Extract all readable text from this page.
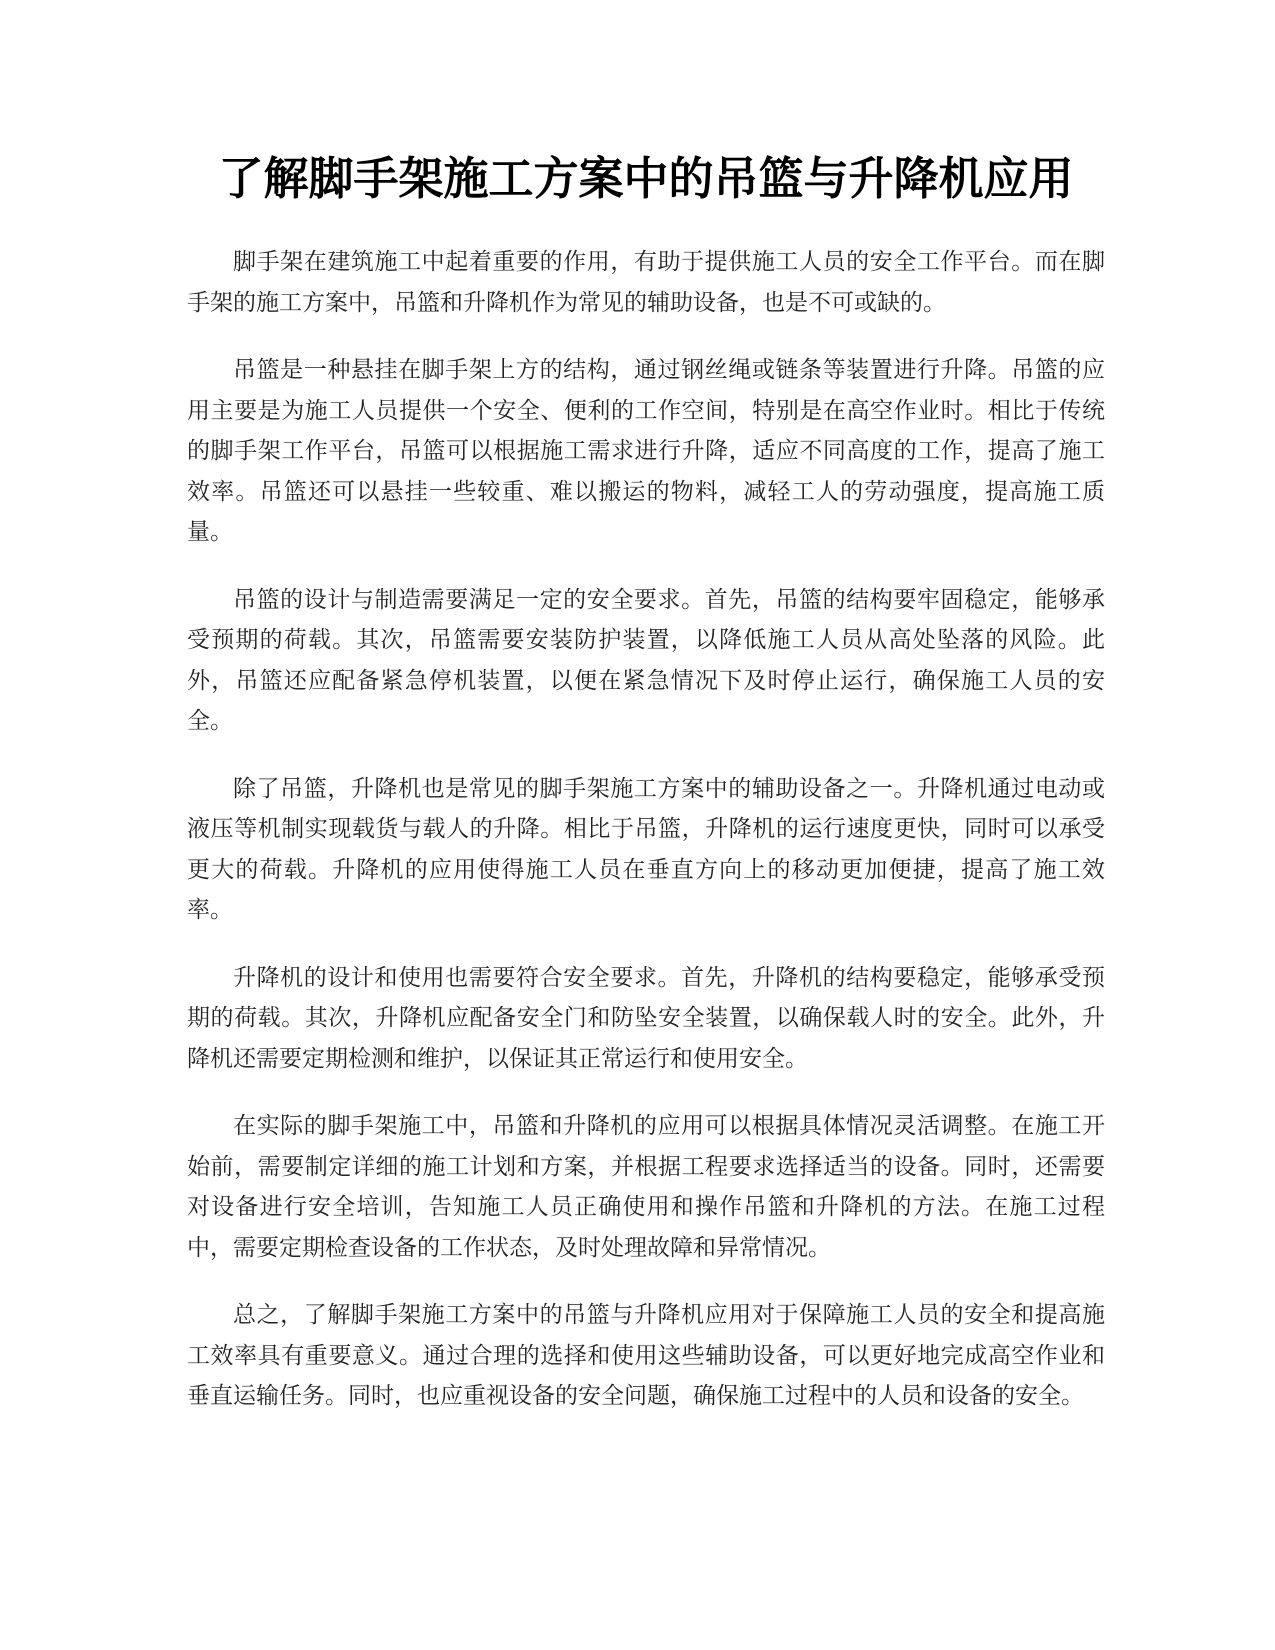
了解脚手架施工方案中的吊篮与升降机应用

脚手架在建筑施工中起着重要的作用，有助于提供施工人员的安全工作平台。而在脚手架的施工方案中，吊篮和升降机作为常见的辅助设备，也是不可或缺的。

吊篮是一种悬挂在脚手架上方的结构，通过钢丝绳或链条等装置进行升降。吊篮的应用主要是为施工人员提供一个安全、便利的工作空间，特别是在高空作业时。相比于传统的脚手架工作平台，吊篮可以根据施工需求进行升降，适应不同高度的工作，提高了施工效率。吊篮还可以悬挂一些较重、难以搬运的物料，减轻工人的劳动强度，提高施工质量。

吊篮的设计与制造需要满足一定的安全要求。首先，吊篮的结构要牢固稳定，能够承受预期的荷载。其次，吊篮需要安装防护装置，以降低施工人员从高处坠落的风险。此外，吊篮还应配备紧急停机装置，以便在紧急情况下及时停止运行，确保施工人员的安全。

除了吊篮，升降机也是常见的脚手架施工方案中的辅助设备之一。升降机通过电动或液压等机制实现载货与载人的升降。相比于吊篮，升降机的运行速度更快，同时可以承受更大的荷载。升降机的应用使得施工人员在垂直方向上的移动更加便捷，提高了施工效率。

升降机的设计和使用也需要符合安全要求。首先，升降机的结构要稳定，能够承受预期的荷载。其次，升降机应配备安全门和防坠安全装置，以确保载人时的安全。此外，升降机还需要定期检测和维护，以保证其正常运行和使用安全。

在实际的脚手架施工中，吊篮和升降机的应用可以根据具体情况灵活调整。在施工开始前，需要制定详细的施工计划和方案，并根据工程要求选择适当的设备。同时，还需要对设备进行安全培训，告知施工人员正确使用和操作吊篮和升降机的方法。在施工过程中，需要定期检查设备的工作状态，及时处理故障和异常情况。

总之，了解脚手架施工方案中的吊篮与升降机应用对于保障施工人员的安全和提高施工效率具有重要意义。通过合理的选择和使用这些辅助设备，可以更好地完成高空作业和垂直运输任务。同时，也应重视设备的安全问题，确保施工过程中的人员和设备的安全。
